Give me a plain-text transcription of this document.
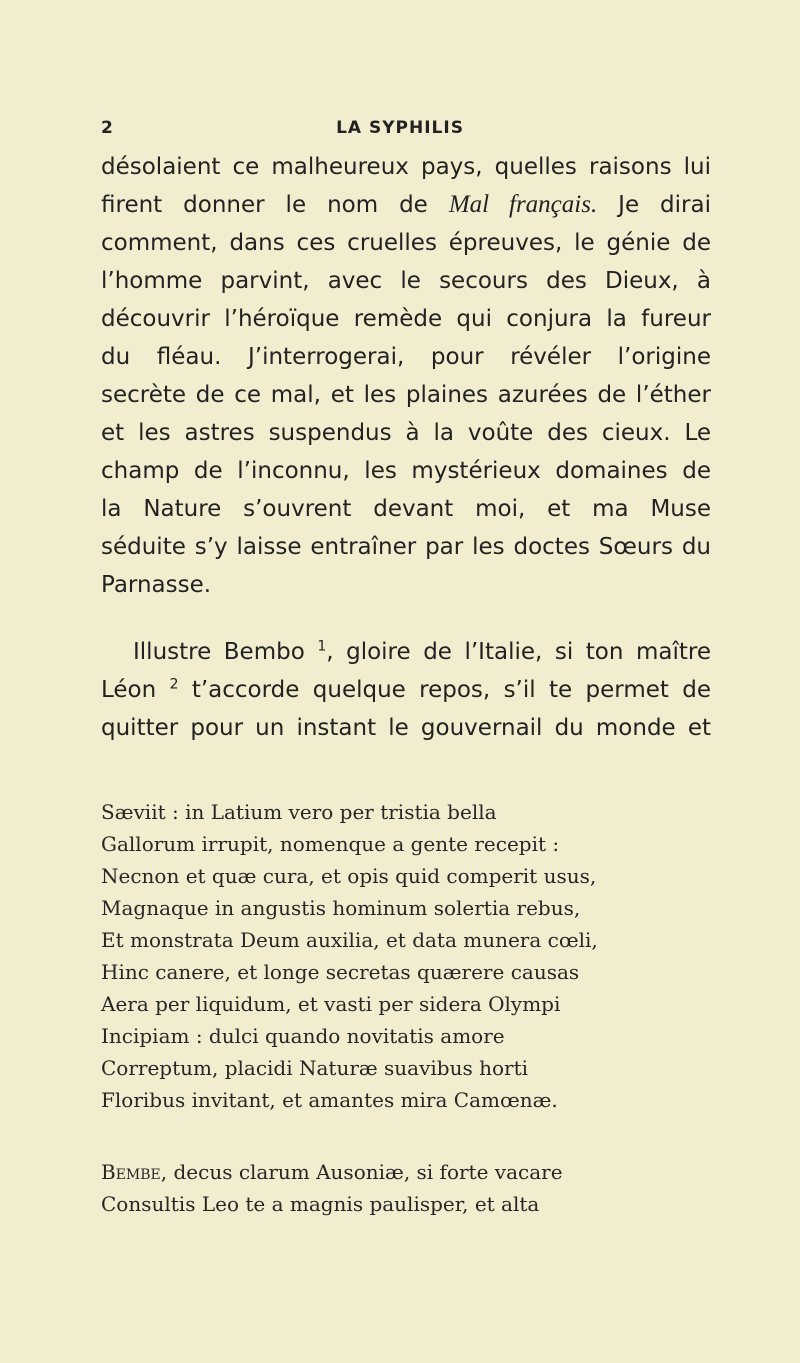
2	LA SYPHILIS
désolaient ce malheureux pays, quelles raisons lui
firent donner le nom de Mal français. Je dirai
comment, dans ces cruelles épreuves, le génie de
l’homme parvint, avec le secours des Dieux, à
découvrir l’héroïque remède qui conjura la fureur
du fléau. J’interrogerai, pour révéler l’origine
secrète de ce mal, et les plaines azurées de l’éther
et les astres suspendus à la voûte des cieux. Le
champ de l’inconnu, les mystérieux domaines de
la Nature s’ouvrent devant moi, et ma Muse
séduite s’y laisse entraîner par les doctes Sœurs du
Parnasse.
Illustre Bembo $^1$, gloire de l’Italie, si ton maître
Léon $^2$ t’accorde quelque repos, s’il te permet de
quitter pour un instant le gouvernail du monde et
Sæviit : in Latium vero per tristia bella
Gallorum irrupit, nomenque a gente recepit :
Necnon et quæ cura, et opis quid comperit usus,
Magnaque in angustis hominum solertia rebus,
Et monstrata Deum auxilia, et data munera cœli,
Hinc canere, et longe secretas quærere causas
Aera per liquidum, et vasti per sidera Olympi
Incipiam : dulci quando novitatis amore
Correptum, placidi Naturæ suavibus horti
Floribus invitant, et amantes mira Camœnæ.
Bembe, decus clarum Ausoniæ, si forte vacare
Consultis Leo te a magnis paulisper, et alta
